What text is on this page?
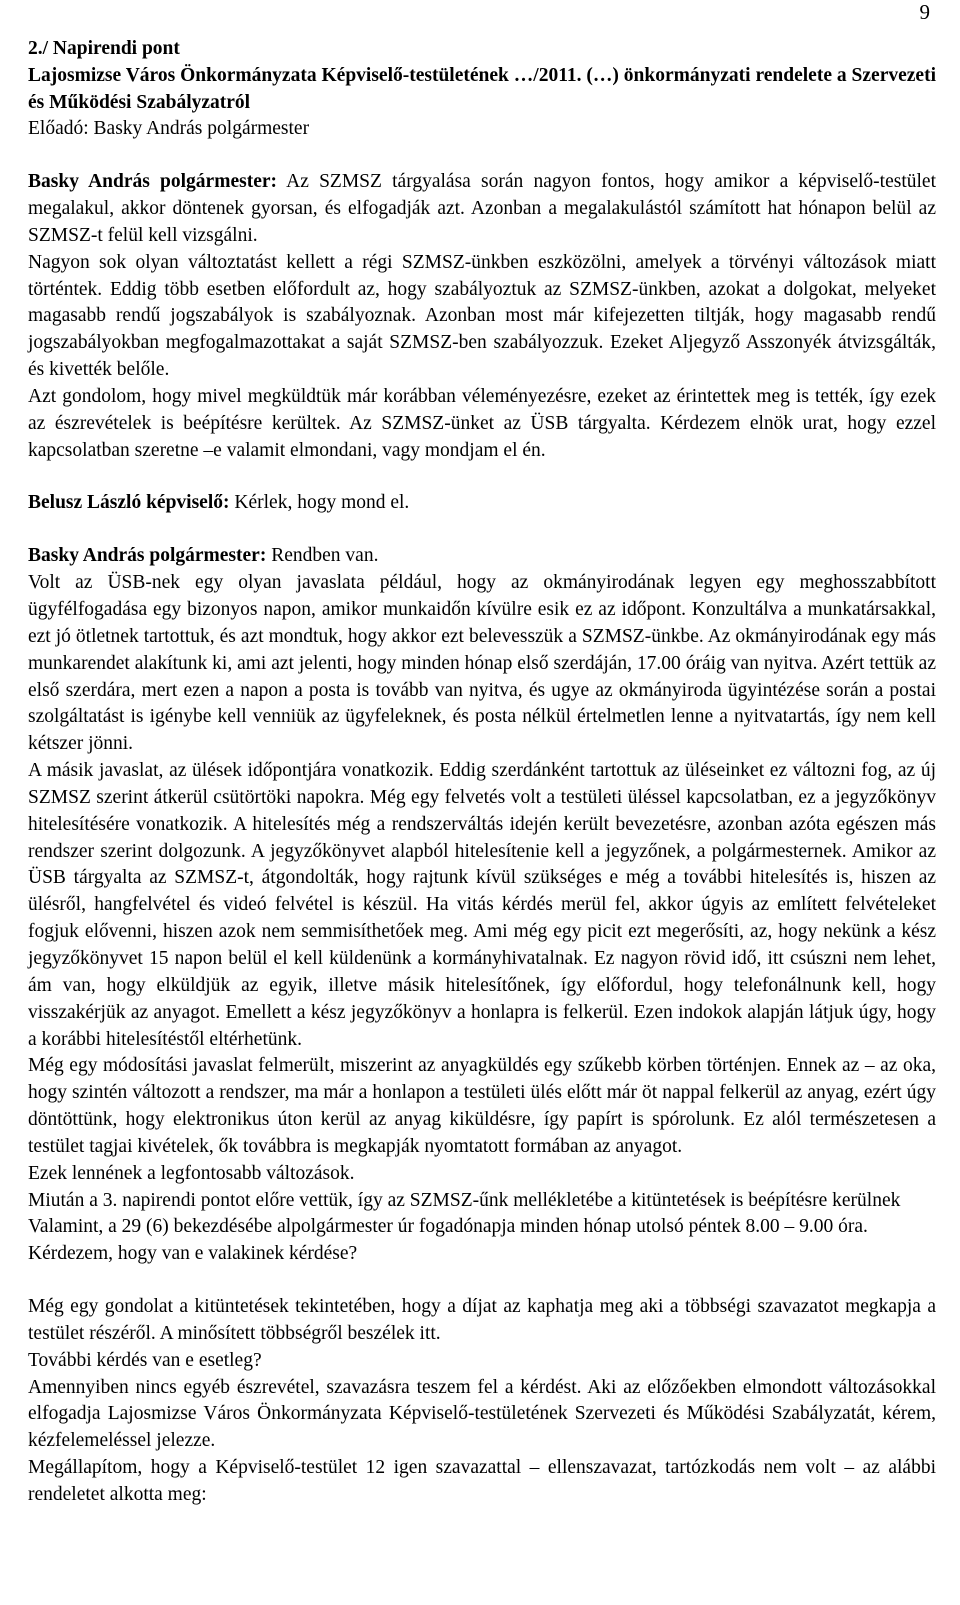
9
2./ Napirendi pont
Lajosmizse Város Önkormányzata Képviselő-testületének …/2011. (…) önkormányzati rendelete a Szervezeti és Működési Szabályzatról
Előadó: Basky András polgármester

Basky András polgármester: Az SZMSZ tárgyalása során nagyon fontos, hogy amikor a képviselő-testület megalakul, akkor döntenek gyorsan, és elfogadják azt. Azonban a megalakulástól számított hat hónapon belül az SZMSZ-t felül kell vizsgálni.

Nagyon sok olyan változtatást kellett a régi SZMSZ-ünkben eszközölni, amelyek a törvényi változások miatt történtek. Eddig több esetben előfordult az, hogy szabályoztuk az SZMSZ-ünkben, azokat a dolgokat, melyeket magasabb rendű jogszabályok is szabályoznak. Azonban most már kifejezetten tiltják, hogy magasabb rendű jogszabályokban megfogalmazottakat a saját SZMSZ-ben szabályozzuk. Ezeket Aljegyző Asszonyék átvizsgálták, és kivették belőle.

Azt gondolom, hogy mivel megküldtük már korábban véleményezésre, ezeket az érintettek meg is tették, így ezek az észrevételek is beépítésre kerültek. Az SZMSZ-ünket az ÜSB tárgyalta. Kérdezem elnök urat, hogy ezzel kapcsolatban szeretne –e valamit elmondani, vagy mondjam el én.

Belusz László képviselő: Kérlek, hogy mond el.

Basky András polgármester: Rendben van.

Volt az ÜSB-nek egy olyan javaslata például, hogy az okmányirodának legyen egy meghosszabbított ügyfélfogadása egy bizonyos napon, amikor munkaidőn kívülre esik ez az időpont. Konzultálva a munkatársakkal, ezt jó ötletnek tartottuk, és azt mondtuk, hogy akkor ezt belevesszük a SZMSZ-ünkbe. Az okmányirodának egy más munkarendet alakítunk ki, ami azt jelenti, hogy minden hónap első szerdáján, 17.00 óráig van nyitva. Azért tettük az első szerdára, mert ezen a napon a posta is tovább van nyitva, és ugye az okmányiroda ügyintézése során a postai szolgáltatást is igénybe kell venniük az ügyfeleknek, és posta nélkül értelmetlen lenne a nyitvatartás, így nem kell kétszer jönni.

A másik javaslat, az ülések időpontjára vonatkozik. Eddig szerdánként tartottuk az üléseinket ez változni fog, az új SZMSZ szerint átkerül csütörtöki napokra. Még egy felvetés volt a testületi üléssel kapcsolatban, ez a jegyzőkönyv hitelesítésére vonatkozik. A hitelesítés még a rendszerváltás idején került bevezetésre, azonban azóta egészen más rendszer szerint dolgozunk. A jegyzőkönyvet alapból hitelesítenie kell a jegyzőnek, a polgármesternek. Amikor az ÜSB tárgyalta az SZMSZ-t, átgondolták, hogy rajtunk kívül szükséges e még a további hitelesítés is, hiszen az ülésről, hangfelvétel és videó felvétel is készül. Ha vitás kérdés merül fel, akkor úgyis az említett felvételeket fogjuk elővenni, hiszen azok nem semmisíthetőek meg. Ami még egy picit ezt megerősíti, az, hogy nekünk a kész jegyzőkönyvet 15 napon belül el kell küldenünk a kormányhivatalnak. Ez nagyon rövid idő, itt csúszni nem lehet, ám van, hogy elküldjük az egyik, illetve másik hitelesítőnek, így előfordul, hogy telefonálnunk kell, hogy visszakérjük az anyagot. Emellett a kész jegyzőkönyv a honlapra is felkerül. Ezen indokok alapján látjuk úgy, hogy a korábbi hitelesítéstől eltérhetünk.

Még egy módosítási javaslat felmerült, miszerint az anyagküldés egy szűkebb körben történjen. Ennek az – az oka, hogy szintén változott a rendszer, ma már a honlapon a testületi ülés előtt már öt nappal felkerül az anyag, ezért úgy döntöttünk, hogy elektronikus úton kerül az anyag kiküldésre, így papírt is spórolunk. Ez alól természetesen a testület tagjai kivételek, ők továbbra is megkapják nyomtatott formában az anyagot.

Ezek lennének a legfontosabb változások.

Miután a 3. napirendi pontot előre vettük, így az SZMSZ-űnk mellékletébe a kitüntetések is beépítésre kerülnek

Valamint, a 29 (6) bekezdésébe alpolgármester úr fogadónapja minden hónap utolsó péntek 8.00 – 9.00 óra.

Kérdezem, hogy van e valakinek kérdése?

Még egy gondolat a kitüntetések tekintetében, hogy a díjat az kaphatja meg aki a többségi szavazatot megkapja a testület részéről. A minősített többségről beszélek itt.

További kérdés van e esetleg?

Amennyiben nincs egyéb észrevétel, szavazásra teszem fel a kérdést. Aki az előzőekben elmondott változásokkal elfogadja Lajosmizse Város Önkormányzata Képviselő-testületének Szervezeti és Működési Szabályzatát, kérem, kézfelemeléssel jelezze.

Megállapítom, hogy a Képviselő-testület 12 igen szavazattal – ellenszavazat, tartózkodás nem volt – az alábbi rendeletet alkotta meg:
